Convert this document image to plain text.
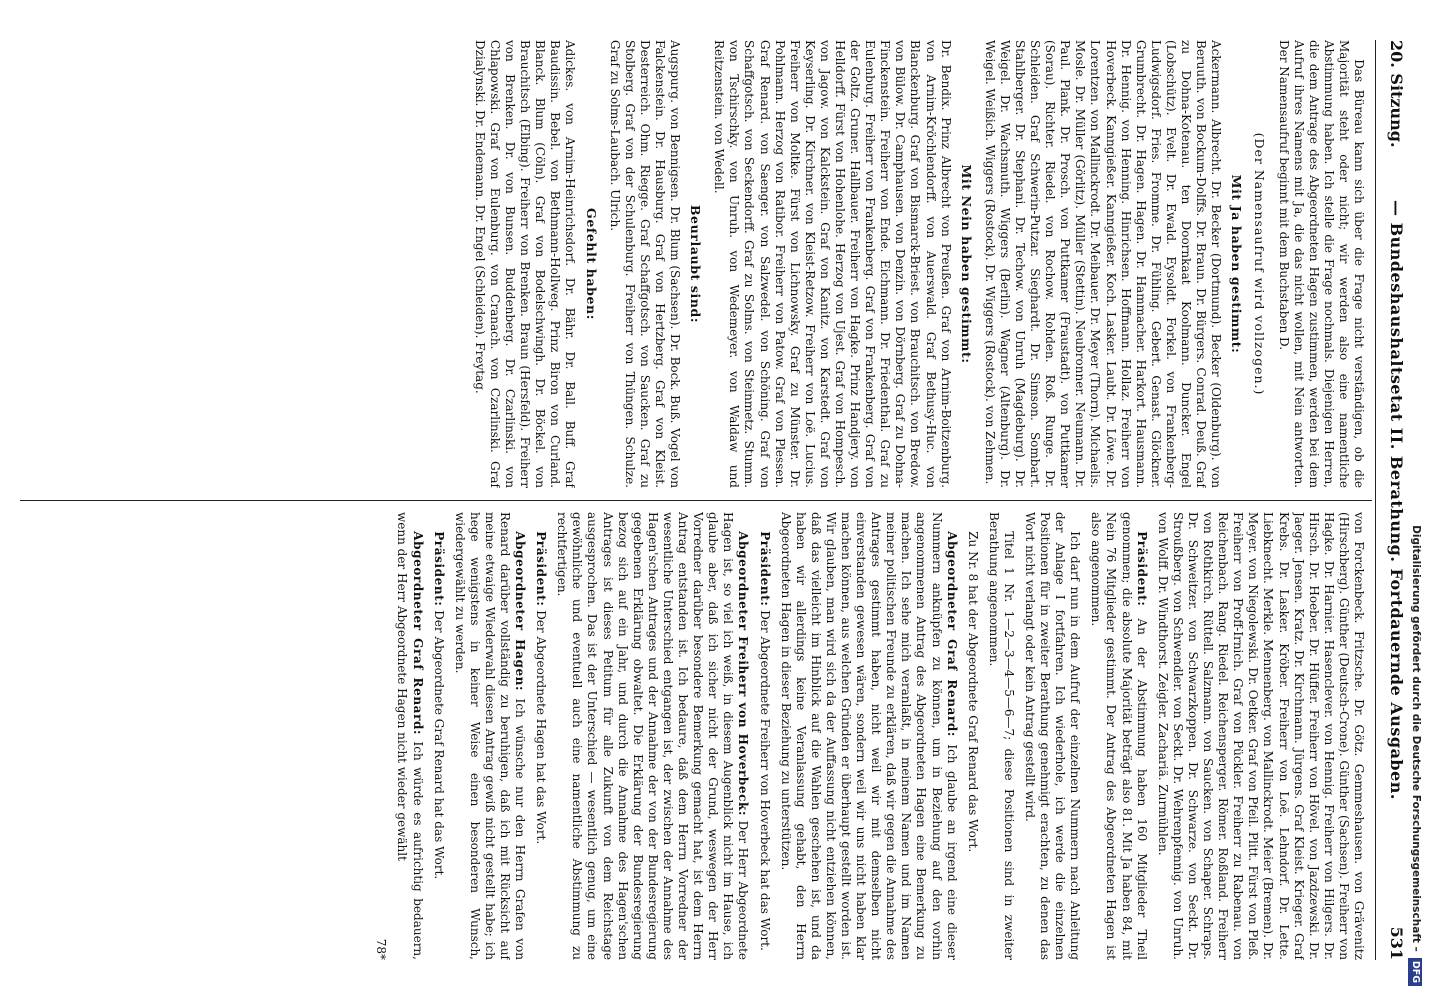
20. Sitzung.
— Bundeshaushaltsetat II. Berathung. Fortdauernde Ausgaben.
531

Das Büreau kann sich über die Frage nicht verständigen, ob die Majorität steht oder nicht; wir werden also eine namentliche Abstimmung haben. Ich stelle die Frage nochmals. Diejenigen Herren, die dem Antrage des Abgeordneten Hagen zustimmen, werden bei dem Aufruf ihres Namens mit Ja, die das nicht wollen, mit Nein antworten. Der Namensaufruf beginnt mit dem Buchstaben D.

(Der Namensaufruf wird vollzogen.)

Mit Ja haben gestimmt:

Ackermann. Albrecht. Dr. Becker (Dortmund). Becker (Oldenburg). von Beruuth. von Bockum-Dolffs. Dr. Braun. Dr. Bürgers. Conrad. Deuß. Graf zu Dohna-Kotenau. ten Doornkaat Koolmann. Duncker. Engel (Lobschütz). Evelt. Dr. Ewald. Eysoldt. Forkel. von Frankenberg-Ludwigsdorf. Fries. Fromme. Dr. Fühling. Gebert. Genast. Glöckner. Grumbrecht. Dr. Hagen. Hagen. Dr. Hammacher. Harkort. Hausmann. Dr. Hennig. von Henning. Hinrichsen. Hoffmann. Hollaz. Freiherr von Hoverbeck. Kanngießer. Kanngießer. Koch. Lasker. Laubt. Dr. Löwe. Dr. Lorentzen. von Mallinckrodt. Dr. Meibauer. Dr. Meyer (Thorn). Michaelis. Mosle. Dr. Müller (Görlitz). Müller (Stettin). Neubronner. Neumann. Dr. Paul. Plank. Dr. Prosch. von Puttkamer (Fraustadt). von Puttkamer (Sorau). Richter. Riedel. von Rochow. Rohden. Roß. Runge. Dr. Schleiden. Graf Schwerin-Putzar. Sieghardt. Dr. Simson. Sombart. Stahlberger. Dr. Stephani. Dr. Techow. von Unruh (Magdeburg). Dr. Weigel. Dr. Wachsmuth. Wiggers (Berlin). Wagner (Altenburg). Dr. Weigel. Weißich. Wiggers (Rostock). Dr. Wiggers (Rostock). von Zehmen.

Mit Nein haben gestimmt:

Dr. Bendix. Prinz Albrecht von Preußen. Graf von Arnim-Boitzenburg. von Arnim-Kröchlendorff. von Auerswald. Graf Bethusy-Huc. von Blanckenburg. Graf von Bismarck-Briest. von Brauchitsch. von Bredow. von Bülow. Dr. Camphausen. von Denzin. von Dörnberg. Graf zu Dohna-Finckenstein. Freiherr von Ende. Eichmann. Dr. Friedenthal. Graf zu Eulenburg. Freiherr von Frankenberg. Graf von Frankenberg. Graf von der Goltz. Gruner. Hallbauer. Freiherr von Hagke. Prinz Handjery. von Helldorff. Fürst von Hohenlohe. Herzog von Ujest. Graf von Hompesch. von Jagow. von Kalckstein. Graf von Kanitz. von Karstedt. Graf von Keyserling. Dr. Kirchner. von Kleist-Retzow. Freiherr von Loë. Lucius. Freiherr von Moltke. Fürst von Lichnowsky. Graf zu Münster. Dr. Pohlmann. Herzog von Ratibor. Freiherr von Patow. Graf von Plessen. Graf Renard. von Saenger. von Salzwedel. von Schöning. Graf von Schaffgotsch. von Seckendorff. Graf zu Solms. von Steinmetz. Stumm. von Tschirschky. von Unruh. von Wedemeyer. von Waldaw und Reitzenstein. von Wedell.

Beurlaubt sind:

Augspurg. von Bennigsen. Dr. Blum (Sachsen). Dr. Bock. Buß. Vogel von Falckenstein. Dr. Hausburg. Graf von Hertzberg. Graf von Kleist. Desterreich. Ohm. Riegge. Graf Schaffgotsch. von Saucken. Graf zu Stolberg. Graf von der Schulenburg. Freiherr von Thüngen. Schulze. Graf zu Solms-Laubach. Ulrich.

Gefehlt haben:

Adickes. von Arnim-Heinrichsdorf. Dr. Bähr. Dr. Ball. Buff. Graf Baudissin. Bebel. von Bethmann-Hollweg. Prinz Biron von Curland. Blanck. Blum (Cöln). Graf von Bodelschwingh. Dr. Böckel. von Brauchitsch (Elbing). Freiherr von Brenken. Braun (Hersfeld). Freiherr von Brenken. Dr. von Bunsen. Buddenberg. Dr. Czarlinski. von Chlapowski. Graf von Eulenburg. von Cranach. von Czarlinski. Graf Dzialynski. Dr. Endemann. Dr. Engel (Schleiden). Freytag.

von Forckenbeck. Fritzsche. Dr. Götz. Gemmeshausen. von Grävenitz (Hirschberg). Günther (Deutsch-Crone). Günther (Sachsen). Freiherr von Hagke. Dr. Harnier. Hasenclever. von Hennig. Freiherr von Hilgers. Dr. Hirsch. Dr. Hoeber. Dr. Hüffer. Freiherr von Hövel. von Jazdzewski. Dr. Jaeger. Jensen. Kratz. Dr. Kirchmann. Jürgens. Graf Kleist. Krieger. Graf Krebs. Dr. Lasker. Kröber. Freiherr von Loë. Lehndorf. Dr. Lette. Liebknecht. Merkle. Mennenberg. von Mallinckrodt. Meier (Bremen). Dr. Meyer. von Niegolewski. Dr. Oetker. Graf von Pfeil. Plitt. Fürst von Pleß. Freiherr von Proff-Irnich. Graf von Pückler. Freiherr zu Rabenau. von Reichenbach. Rang. Riedel. Reichensperger. Römer. Roßland. Freiherr von Rothkirch. Rüttell. Salzmann. von Saucken. von Schaper. Schraps. Dr. Schweitzer. von Schwarzkoppen. Dr. Schwarze. von Seckt. Dr. Stroußberg. von Schwendler. von Seckt. Dr. Wehrenpfennig. von Unruh. von Wolff. Dr. Windthorst. Zeigler. Zachariä. Zurmühlen.

Präsident: An der Abstimmung haben 160 Mitglieder Theil genommen; die absolute Majorität beträgt also 81. Mit Ja haben 84, mit Nein 76 Mitglieder gestimmt. Der Antrag des Abgeordneten Hagen ist also angenommen.

Ich darf nun in dem Aufruf der einzelnen Nummern nach Anleitung der Anlage I fortfahren. Ich wiederhole, ich werde die einzelnen Positionen für in zweiter Berathung genehmigt erachten, zu denen das Wort nicht verlangt oder kein Antrag gestellt wird.

Titel 1 Nr. 1—2—3—4—5—6—7; diese Positionen sind in zweiter Berathung angenommen.

Zu Nr. 8 hat der Abgeordnete Graf Renard das Wort.

Abgeordneter Graf Renard: Ich glaube an irgend eine dieser Nummern anknüpfen zu können, um in Beziehung auf den vorhin angenommenen Antrag des Abgeordneten Hagen eine Bemerkung zu machen. Ich sehe mich veranlaßt, in meinem Namen und im Namen meiner politischen Freunde zu erklären, daß wir gegen die Annahme des Antrages gestimmt haben, nicht weil wir mit demselben nicht einverstanden gewesen wären, sondern weil wir uns nicht haben klar machen können, aus welchen Gründen er überhaupt gestellt worden ist. Wir glauben, man wird sich da der Auffassung nicht entziehen können, daß das vielleicht im Hinblick auf die Wahlen geschehen ist, und da haben wir allerdings keine Veranlassung gehabt, den Herrn Abgeordneten Hagen in dieser Beziehung zu unterstützen.

Präsident: Der Abgeordnete Freiherr von Hoverbeck hat das Wort.

Abgeordneter Freiherr von Hoverbeck: Der Herr Abgeordnete Hagen ist, so viel ich weiß, in diesem Augenblick nicht im Hause, ich glaube aber, daß ich sicher nicht der Grund, weswegen der Herr Vorredner darüber besondere Bemerkung gemacht hat, ist dem Herrn Antrag entstanden ist. Ich bedaure, daß dem Herrn Vorredner der wesentliche Unterschied entgangen ist, der zwischen der Annahme des Hagen'schen Antrages und der Annahme der von der Bundesregierung gegebenen Erklärung obwaltet. Die Erklärung der Bundesregierung bezog sich auf ein Jahr, und durch die Annahme des Hagen'schen Antrages ist dieses Petitum für alle Zukunft von dem Reichstage ausgesprochen. Das ist der Unterschied — wesentlich genug, um eine gewöhnliche und eventuell auch eine namentliche Abstimmung zu rechtfertigen.

Präsident: Der Abgeordnete Hagen hat das Wort.

Abgeordneter Hagen: Ich wünsche nur den Herrn Grafen von Renard darüber vollständig zu beruhigen, daß ich mit Rücksicht auf meine etwaige Wiederwahl diesen Antrag gewiß nicht gestellt habe; ich hege wenigstens in keiner Weise einen besonderen Wunsch, wiedergewählt zu werden.

Präsident: Der Abgeordnete Graf Renard hat das Wort.

Abgeordneter Graf Renard: Ich würde es aufrichtig bedauern, wenn der Herr Abgeordnete Hagen nicht wieder gewählt

78*	Digitalisierung gefördert durch die Deutsche Forschungsgemeinschaft –DFG
